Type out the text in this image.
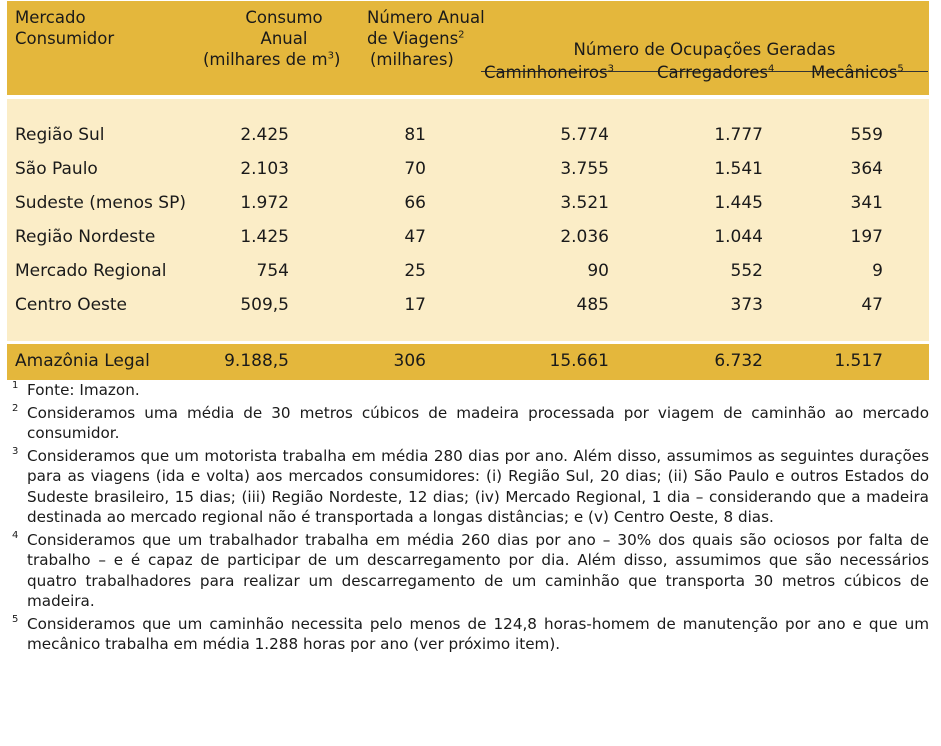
Mercado
Consumidor
Consumo
Anual
(milhares de $m^3$)
Número Anual
de Viagens$^2$
(milhares)
Número de Ocupações Geradas
Caminhoneiros$^3$	Carregadores$^4$ Mecânicos$^5$
Região Sul	2.425	81	5.774	1.777	559
São Paulo	2.103	70	3.755	1.541	364
Sudeste (menos SP)	1.972	66	3.521	1.445	341
Região Nordeste	1.425	47	2.036	1.044	197
Mercado Regional	754	25	90	552	9
Centro Oeste	509,5	17	485	373	47
Amazônia Legal	9.188,5	306	15.661	6.732	1.517
1 Fonte: Imazon.
2 Consideramos uma média de 30 metros cúbicos de madeira processada por viagem de caminhão ao mercado consumidor.
3 Consideramos que um motorista trabalha em média 280 dias por ano. Além disso, assumimos as seguintes durações para as viagens (ida e volta) aos mercados consumidores: (i) Região Sul, 20 dias; (ii) São Paulo e outros Estados do Sudeste brasileiro, 15 dias; (iii) Região Nordeste, 12 dias; (iv) Mercado Regional, 1 dia – considerando que a madeira destinada ao mercado regional não é transportada a longas distâncias; e (v) Centro Oeste, 8 dias.
4 Consideramos que um trabalhador trabalha em média 260 dias por ano – 30% dos quais são ociosos por falta de trabalho – e é capaz de participar de um descarregamento por dia. Além disso, assumimos que são necessários quatro trabalhadores para realizar um descarregamento de um caminhão que transporta 30 metros cúbicos de madeira.
5 Consideramos que um caminhão necessita pelo menos de 124,8 horas-homem de manutenção por ano e que um mecânico trabalha em média 1.288 horas por ano (ver próximo item).
